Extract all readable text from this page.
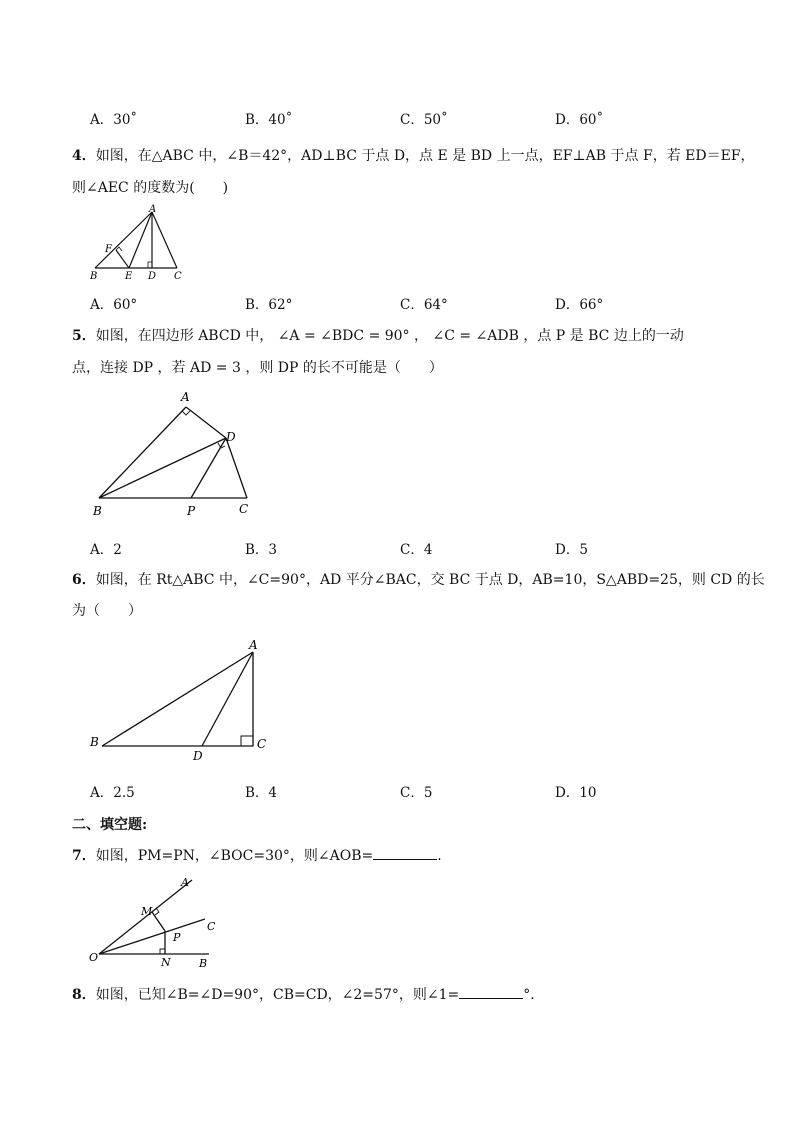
A．30˚	B．40˚	C．50˚	D．60˚
4．如图，在△ABC 中，∠B＝42°，AD⊥BC 于点 D，点 E 是 BD 上一点，EF⊥AB 于点 F，若 ED＝EF，
则∠AEC 的度数为(　　)
A
F
B	E D C
A．60°	B．62°	C．64°	D．66°
5．如图，在四边形 ABCD 中， ∠A = ∠BDC = 90° ， ∠C = ∠ADB ，点 P 是 BC 边上的一动
点，连接 DP ，若 AD = 3 ，则 DP 的长不可能是（　　）
A
D
B	P	C
A．2	B．3	C．4	D．5
6．如图，在 Rt△ABC 中，∠C=90°，AD 平分∠BAC，交 BC 于点 D，AB=10，S△ABD=25，则 CD 的长
为（　　）
A
B
D
C
A．2.5	B．4	C．5	D．10
二、填空题:
7．如图，PM=PN，∠BOC=30°，则∠AOB=	.
A
M
C
P
O	N	B
8．如图，已知∠B=∠D=90°，CB=CD，∠2=57°，则∠1=	°.
